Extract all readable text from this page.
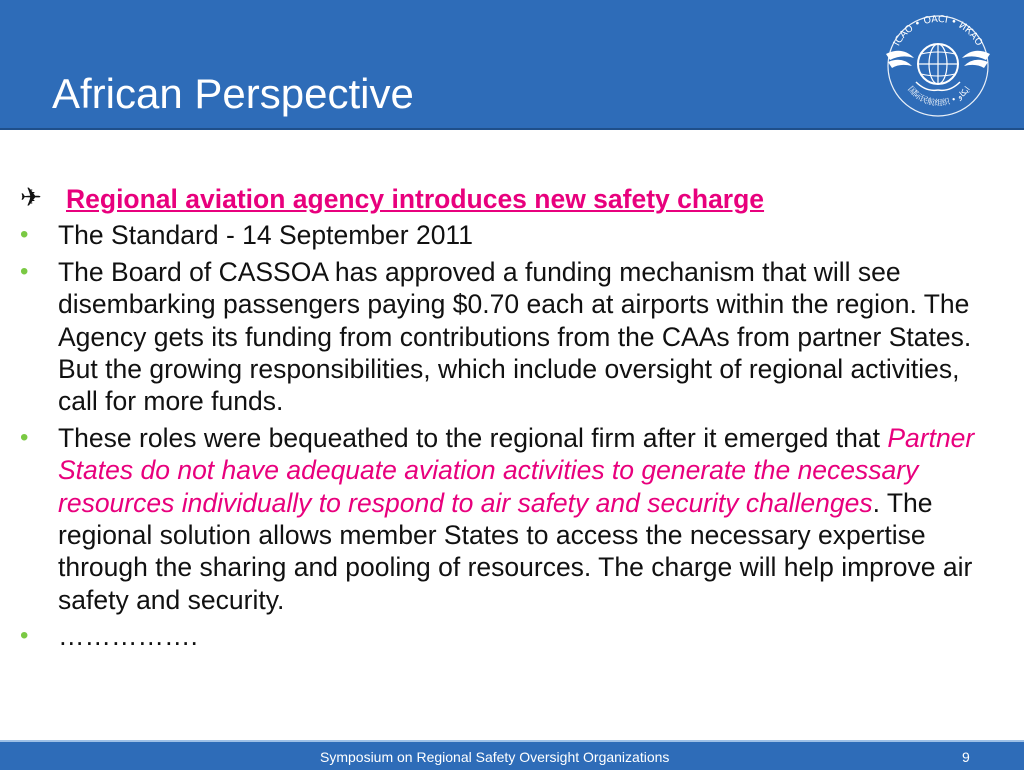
African Perspective
ICAO • OACI • ИКАО
国际民航组织 • ایکاو
✈ Regional aviation agency introduces new safety charge
•	The Standard - 14 September 2011
•	The Board of CASSOA has approved a funding mechanism that will see disembarking passengers paying $0.70 each at airports within the region. The Agency gets its funding from contributions from the CAAs from partner States. But the growing responsibilities, which include oversight of regional activities, call for more funds.
•	These roles were bequeathed to the regional firm after it emerged that Partner States do not have adequate aviation activities to generate the necessary resources individually to respond to air safety and security challenges. The regional solution allows member States to access the necessary expertise through the sharing and pooling of resources. The charge will help improve air safety and security.
•	…………….
Symposium on Regional Safety Oversight Organizations	9
